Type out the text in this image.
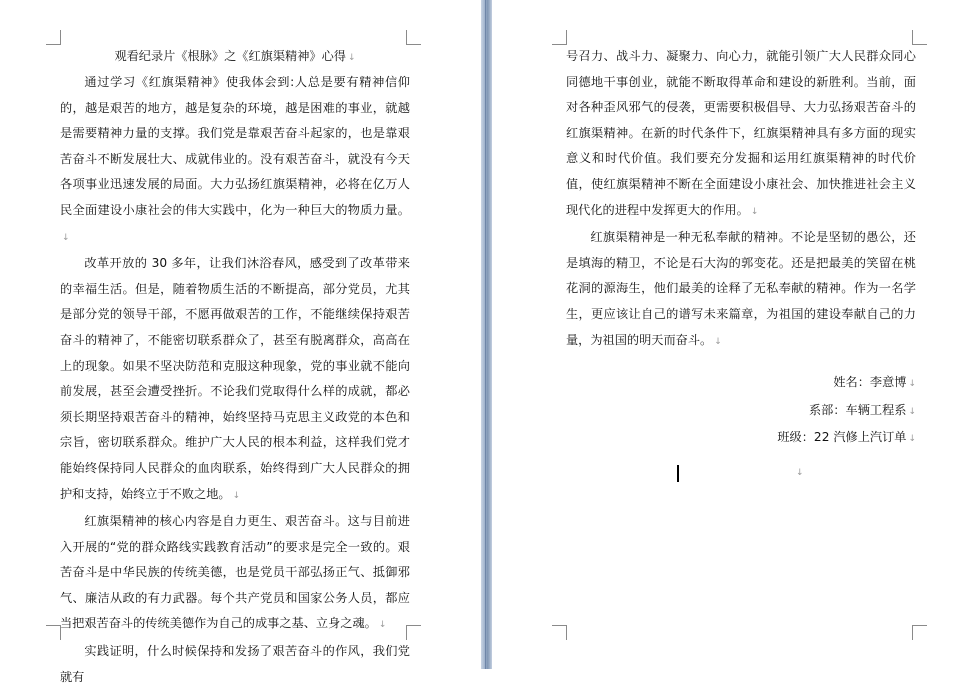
观看纪录片《根脉》之《红旗渠精神》心得 ↓

通过学习《红旗渠精神》使我体会到:人总是要有精神信仰的，越是艰苦的地方，越是复杂的环境，越是困难的事业，就越是需要精神力量的支撑。我们党是靠艰苦奋斗起家的，也是靠艰苦奋斗不断发展壮大、成就伟业的。没有艰苦奋斗，就没有今天各项事业迅速发展的局面。大力弘扬红旗渠精神，必将在亿万人民全面建设小康社会的伟大实践中，化为一种巨大的物质力量。↓

改革开放的 30 多年，让我们沐浴春风，感受到了改革带来的幸福生活。但是，随着物质生活的不断提高，部分党员，尤其是部分党的领导干部，不愿再做艰苦的工作，不能继续保持艰苦奋斗的精神了，不能密切联系群众了，甚至有脱离群众，高高在上的现象。如果不坚决防范和克服这种现象，党的事业就不能向前发展，甚至会遭受挫折。不论我们党取得什么样的成就，都必须长期坚持艰苦奋斗的精神，始终坚持马克思主义政党的本色和宗旨，密切联系群众。维护广大人民的根本利益，这样我们党才能始终保持同人民群众的血肉联系，始终得到广大人民群众的拥护和支持，始终立于不败之地。 ↓

红旗渠精神的核心内容是自力更生、艰苦奋斗。这与目前进入开展的“党的群众路线实践教育活动”的要求是完全一致的。艰苦奋斗是中华民族的传统美德，也是党员干部弘扬正气、抵御邪气、廉洁从政的有力武器。每个共产党员和国家公务人员，都应当把艰苦奋斗的传统美德作为自己的成事之基、立身之魂。 ↓

实践证明，什么时候保持和发扬了艰苦奋斗的作风，我们党就有

号召力、战斗力、凝聚力、向心力，就能引领广大人民群众同心同德地干事创业，就能不断取得革命和建设的新胜利。当前，面对各种歪风邪气的侵袭，更需要积极倡导、大力弘扬艰苦奋斗的红旗渠精神。在新的时代条件下，红旗渠精神具有多方面的现实意义和时代价值。我们要充分发掘和运用红旗渠精神的时代价值，使红旗渠精神不断在全面建设小康社会、加快推进社会主义现代化的进程中发挥更大的作用。 ↓

红旗渠精神是一种无私奉献的精神。不论是坚韧的愚公，还是填海的精卫，不论是石大沟的郭变花。还是把最美的笑留在桃花洞的源海生，他们最美的诠释了无私奉献的精神。作为一名学生，更应该让自己的谱写未来篇章，为祖国的建设奉献自己的力量，为祖国的明天而奋斗。 ↓

姓名：李意博 ↓

系部：车辆工程系 ↓

班级：22 汽修上汽订单 ↓

↓
